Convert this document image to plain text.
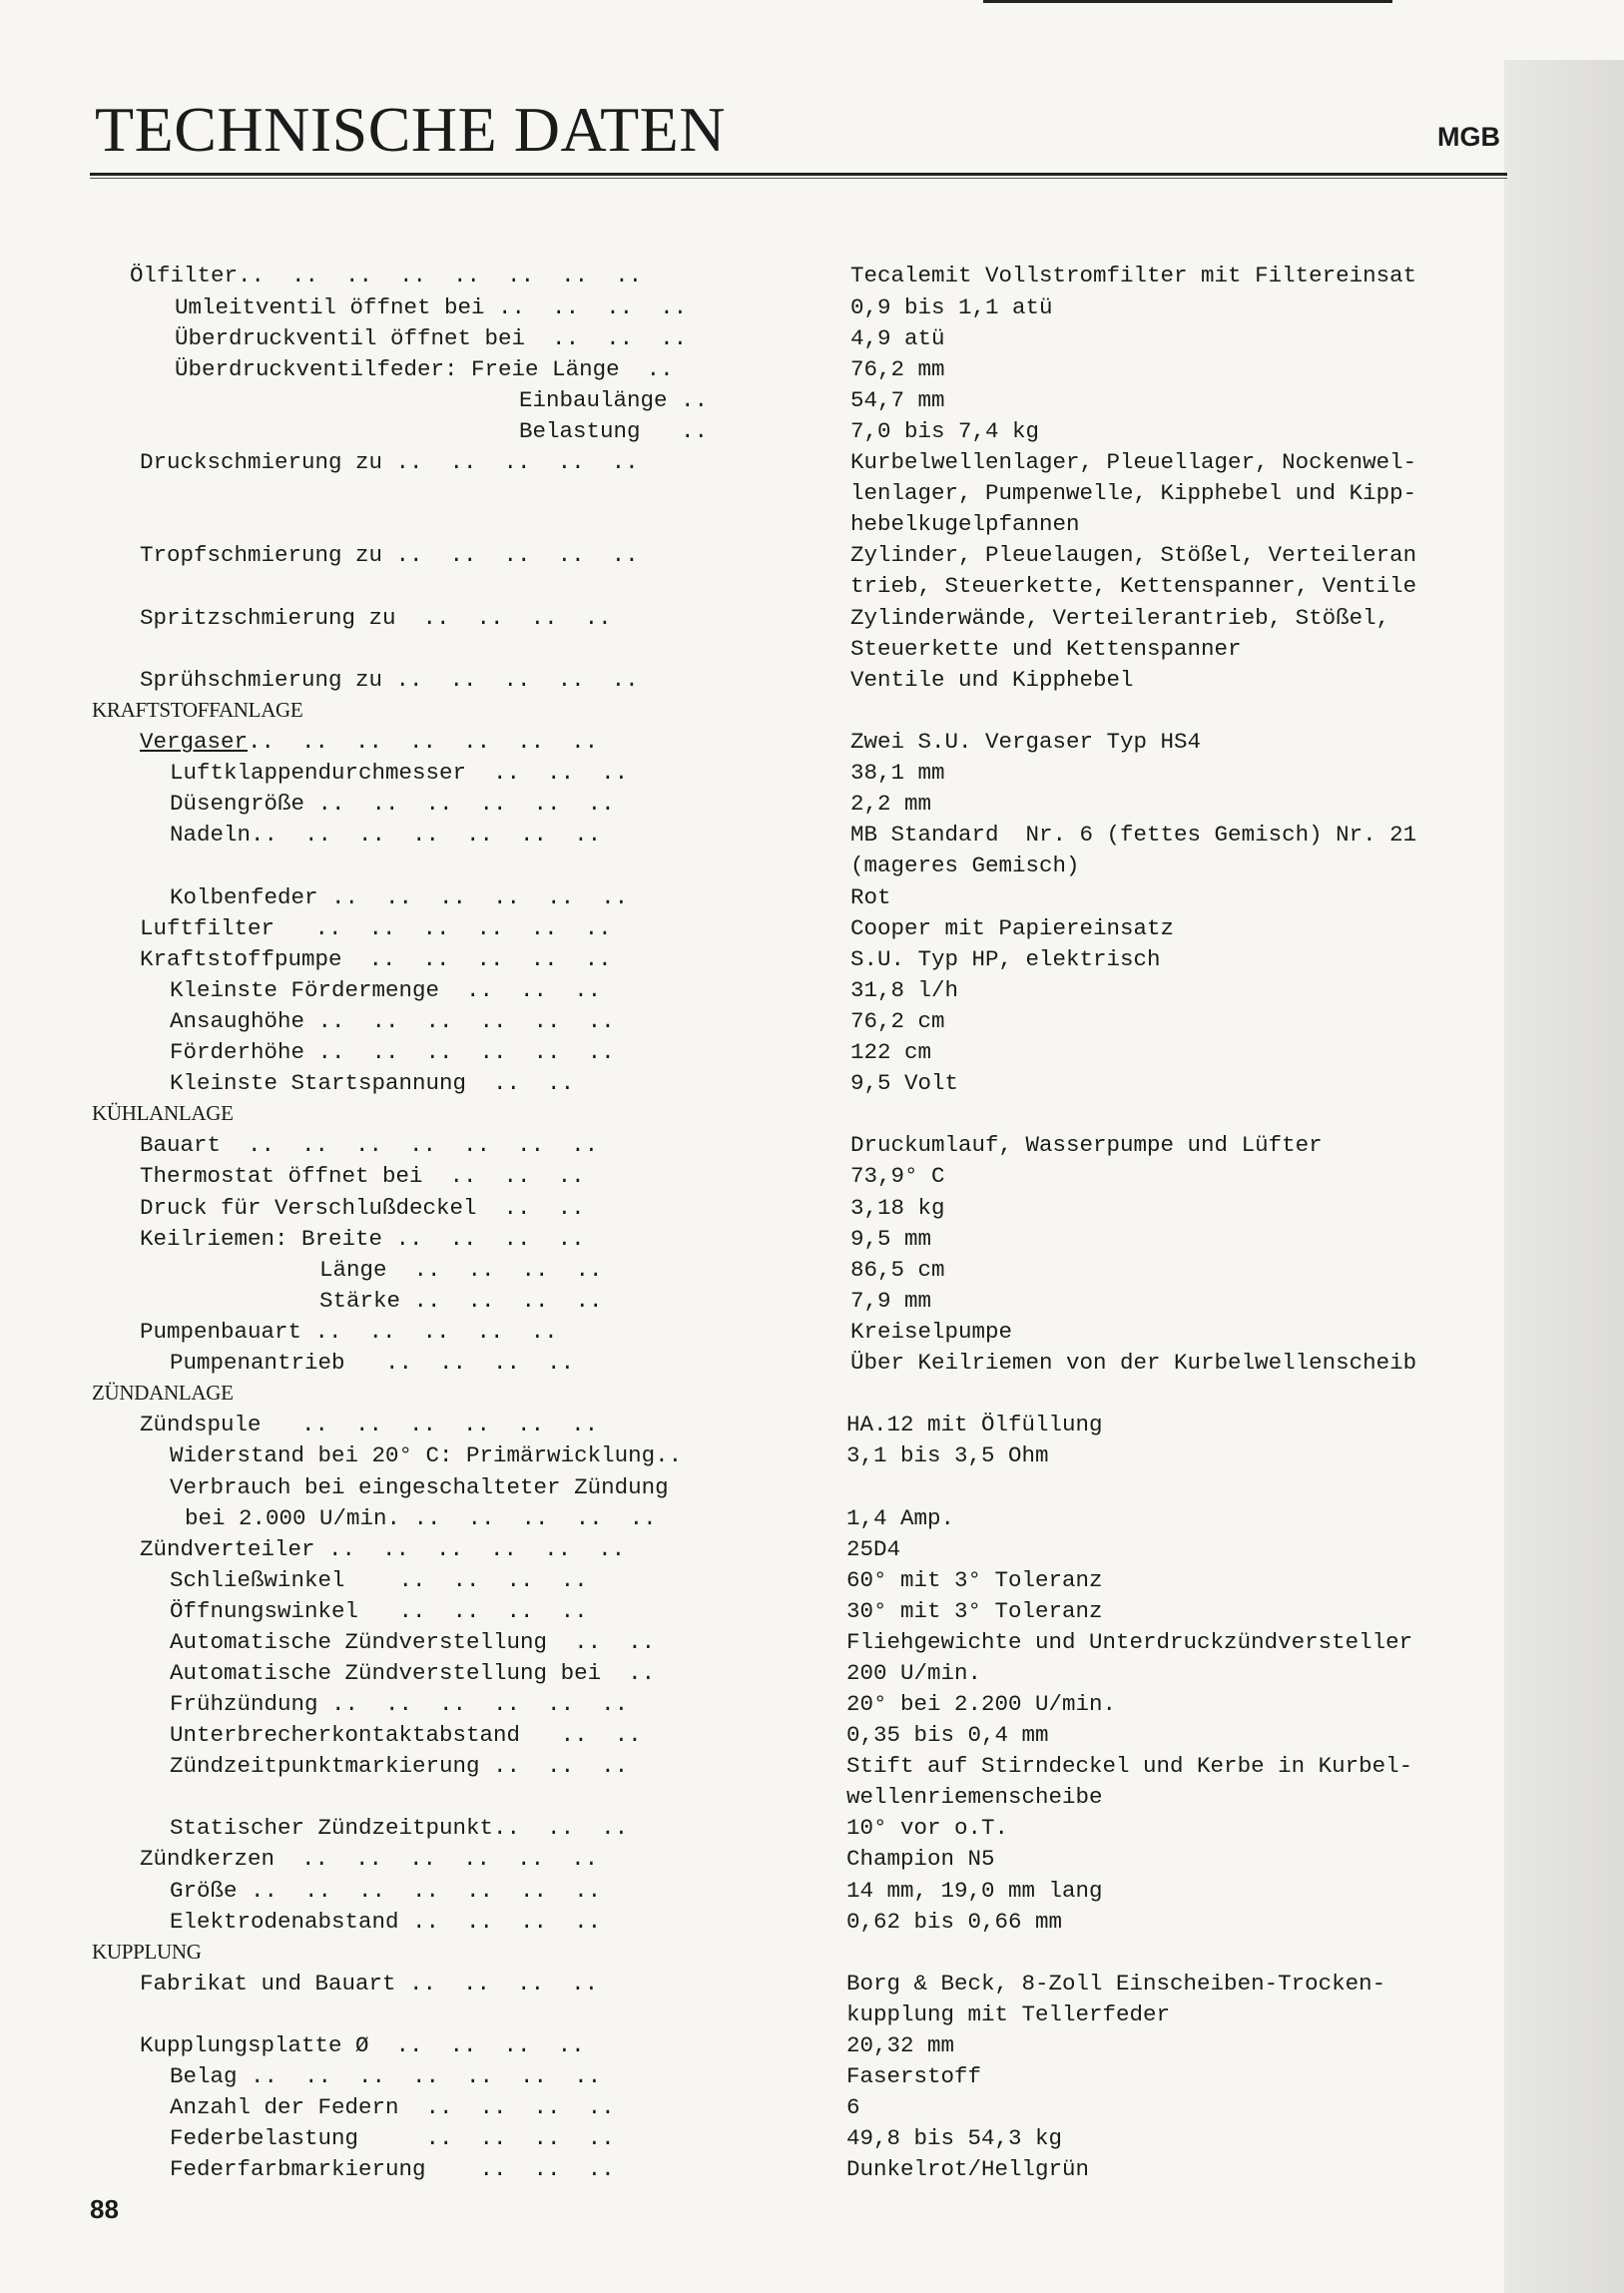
TECHNISCHE DATEN	MGB
Ölfilter..  ..  ..  ..  ..  ..  ..  ..	Tecalemit Vollstromfilter mit Filtereinsat
Umleitventil öffnet bei ..  ..  ..  ..	0,9 bis 1,1 atü
Überdruckventil öffnet bei  ..  ..  ..	4,9 atü
Überdruckventilfeder: Freie Länge  ..	76,2 mm
Einbaulänge ..	54,7 mm
Belastung   ..	7,0 bis 7,4 kg
Druckschmierung zu ..  ..  ..  ..  ..	Kurbelwellenlager, Pleuellager, Nockenwel-
lenlager, Pumpenwelle, Kipphebel und Kipp-
hebelkugelpfannen
Tropfschmierung zu ..  ..  ..  ..  ..	Zylinder, Pleuelaugen, Stößel, Verteileran
trieb, Steuerkette, Kettenspanner, Ventile
Spritzschmierung zu  ..  ..  ..  ..	Zylinderwände, Verteilerantrieb, Stößel,
Steuerkette und Kettenspanner
Sprühschmierung zu ..  ..  ..  ..  ..	Ventile und Kipphebel
KRAFTSTOFFANLAGE
Vergaser..  ..  ..  ..  ..  ..  ..	Zwei S.U. Vergaser Typ HS4
Luftklappendurchmesser  ..  ..  ..	38,1 mm
Düsengröße ..  ..  ..  ..  ..  ..	2,2 mm
Nadeln..  ..  ..  ..  ..  ..  ..	MB Standard  Nr. 6 (fettes Gemisch) Nr. 21
(mageres Gemisch)
Kolbenfeder ..  ..  ..  ..  ..  ..	Rot
Luftfilter   ..  ..  ..  ..  ..  ..	Cooper mit Papiereinsatz
Kraftstoffpumpe  ..  ..  ..  ..  ..	S.U. Typ HP, elektrisch
Kleinste Fördermenge  ..  ..  ..	31,8 l/h
Ansaughöhe ..  ..  ..  ..  ..  ..	76,2 cm
Förderhöhe ..  ..  ..  ..  ..  ..	122 cm
Kleinste Startspannung  ..  ..	9,5 Volt
KÜHLANLAGE
Bauart  ..  ..  ..  ..  ..  ..  ..	Druckumlauf, Wasserpumpe und Lüfter
Thermostat öffnet bei  ..  ..  ..	73,9° C
Druck für Verschlußdeckel  ..  ..	3,18 kg
Keilriemen: Breite ..  ..  ..  ..	9,5 mm
Länge  ..  ..  ..  ..	86,5 cm
Stärke ..  ..  ..  ..	7,9 mm
Pumpenbauart ..  ..  ..  ..  ..	Kreiselpumpe
Pumpenantrieb   ..  ..  ..  ..	Über Keilriemen von der Kurbelwellenscheib
ZÜNDANLAGE
Zündspule   ..  ..  ..  ..  ..  ..	HA.12 mit Ölfüllung
Widerstand bei 20° C: Primärwicklung..	3,1 bis 3,5 Ohm
Verbrauch bei eingeschalteter Zündung
bei 2.000 U/min. ..  ..  ..  ..  ..	1,4 Amp.
Zündverteiler ..  ..  ..  ..  ..  ..	25D4
Schließwinkel    ..  ..  ..  ..	60° mit 3° Toleranz
Öffnungswinkel   ..  ..  ..  ..	30° mit 3° Toleranz
Automatische Zündverstellung  ..  ..	Fliehgewichte und Unterdruckzündversteller
Automatische Zündverstellung bei  ..	200 U/min.
Frühzündung ..  ..  ..  ..  ..  ..	20° bei 2.200 U/min.
Unterbrecherkontaktabstand   ..  ..	0,35 bis 0,4 mm
Zündzeitpunktmarkierung ..  ..  ..	Stift auf Stirndeckel und Kerbe in Kurbel-
wellenriemenscheibe
Statischer Zündzeitpunkt..  ..  ..	10° vor o.T.
Zündkerzen  ..  ..  ..  ..  ..  ..	Champion N5
Größe ..  ..  ..  ..  ..  ..  ..	14 mm, 19,0 mm lang
Elektrodenabstand ..  ..  ..  ..	0,62 bis 0,66 mm
KUPPLUNG
Fabrikat und Bauart ..  ..  ..  ..	Borg & Beck, 8-Zoll Einscheiben-Trocken-
kupplung mit Tellerfeder
Kupplungsplatte Ø  ..  ..  ..  ..	20,32 mm
Belag ..  ..  ..  ..  ..  ..  ..	Faserstoff
Anzahl der Federn  ..  ..  ..  ..	6
Federbelastung     ..  ..  ..  ..	49,8 bis 54,3 kg
Federfarbmarkierung    ..  ..  ..	Dunkelrot/Hellgrün
88
